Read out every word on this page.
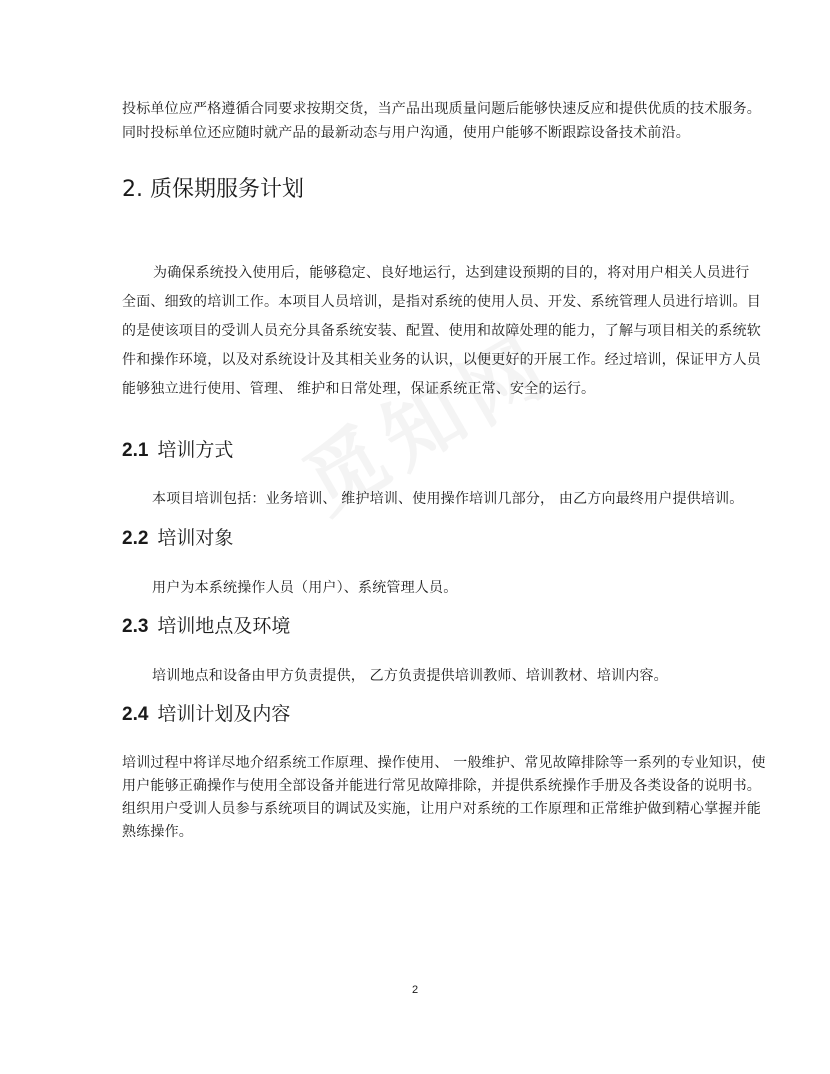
投标单位应严格遵循合同要求按期交货，当产品出现质量问题后能够快速反应和提供优质的技术服务。同时投标单位还应随时就产品的最新动态与用户沟通，使用户能够不断跟踪设备技术前沿。

2. 质保期服务计划

为确保系统投入使用后，能够稳定、良好地运行，达到建设预期的目的，将对用户相关人员进行全面、细致的培训工作。本项目人员培训，是指对系统的使用人员、开发、系统管理人员进行培训。目的是使该项目的受训人员充分具备系统安装、配置、使用和故障处理的能力，了解与项目相关的系统软件和操作环境，以及对系统设计及其相关业务的认识，以便更好的开展工作。经过培训，保证甲方人员能够独立进行使用、管理、 维护和日常处理，保证系统正常、安全的运行。

2.1 培训方式

本项目培训包括：业务培训、 维护培训、使用操作培训几部分， 由乙方向最终用户提供培训。

2.2 培训对象

用户为本系统操作人员（用户）、系统管理人员。

2.3 培训地点及环境

培训地点和设备由甲方负责提供， 乙方负责提供培训教师、培训教材、培训内容。

2.4 培训计划及内容

培训过程中将详尽地介绍系统工作原理、操作使用、 一般维护、常见故障排除等一系列的专业知识，使用户能够正确操作与使用全部设备并能进行常见故障排除，并提供系统操作手册及各类设备的说明书。组织用户受训人员参与系统项目的调试及实施，让用户对系统的工作原理和正常维护做到精心掌握并能熟练操作。

2
